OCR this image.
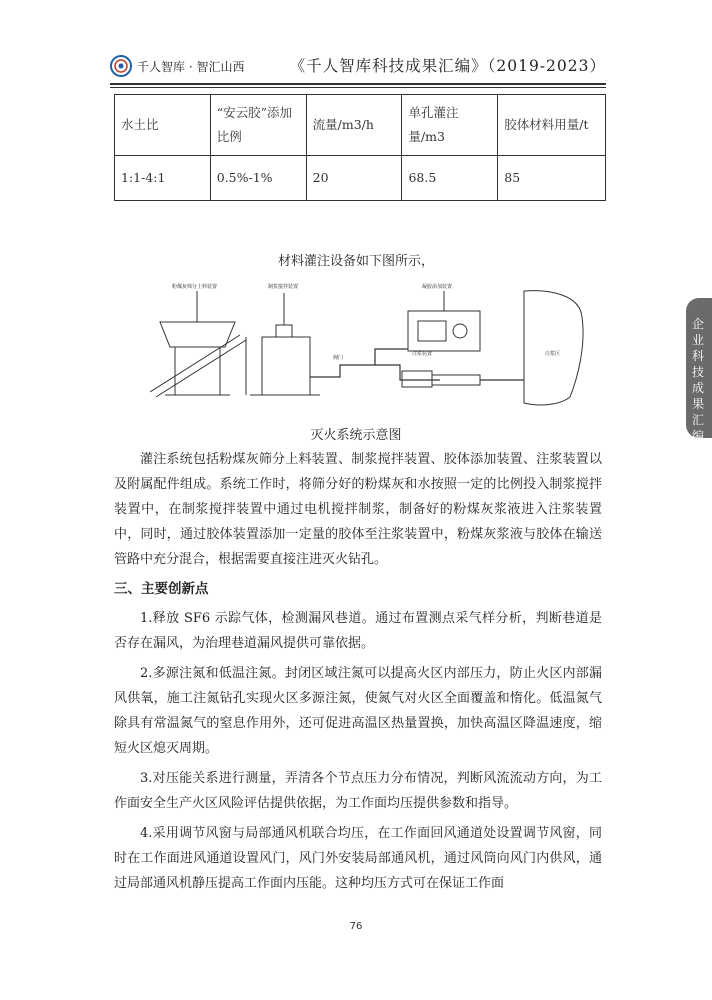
千人智库 · 智汇山西	《千人智库科技成果汇编》（2019-2023）
水土比	“安云胶”添加比例	流量/m3/h	单孔灌注量/m3	胶体材料用量/t
1:1-4:1	0.5%-1%	20	68.5	85
材料灌注设备如下图所示，
粉煤灰筛分上料装置	制浆搅拌装置	凝胶添加装置
阀门
注浆装置	注浆区
灭火系统示意图

灌注系统包括粉煤灰筛分上料装置、制浆搅拌装置、胶体添加装置、注浆装置以及附属配件组成。系统工作时，将筛分好的粉煤灰和水按照一定的比例投入制浆搅拌装置中，在制浆搅拌装置中通过电机搅拌制浆，制备好的粉煤灰浆液进入注浆装置中，同时，通过胶体装置添加一定量的胶体至注浆装置中，粉煤灰浆液与胶体在输送管路中充分混合，根据需要直接注进灭火钻孔。

三、主要创新点

1.释放 SF6 示踪气体，检测漏风巷道。通过布置测点采气样分析，判断巷道是否存在漏风，为治理巷道漏风提供可靠依据。

2.多源注氮和低温注氮。封闭区域注氮可以提高火区内部压力，防止火区内部漏风供氧，施工注氮钻孔实现火区多源注氮，使氮气对火区全面覆盖和惰化。低温氮气除具有常温氮气的窒息作用外，还可促进高温区热量置换，加快高温区降温速度，缩短火区熄灭周期。

3.对压能关系进行测量，弄清各个节点压力分布情况，判断风流流动方向，为工作面安全生产火区风险评估提供依据，为工作面均压提供参数和指导。

4.采用调节风窗与局部通风机联合均压，在工作面回风通道处设置调节风窗，同时在工作面进风通道设置风门，风门外安装局部通风机，通过风筒向风门内供风，通过局部通风机静压提高工作面内压能。这种均压方式可在保证工作面

企业科技成果汇编
76
